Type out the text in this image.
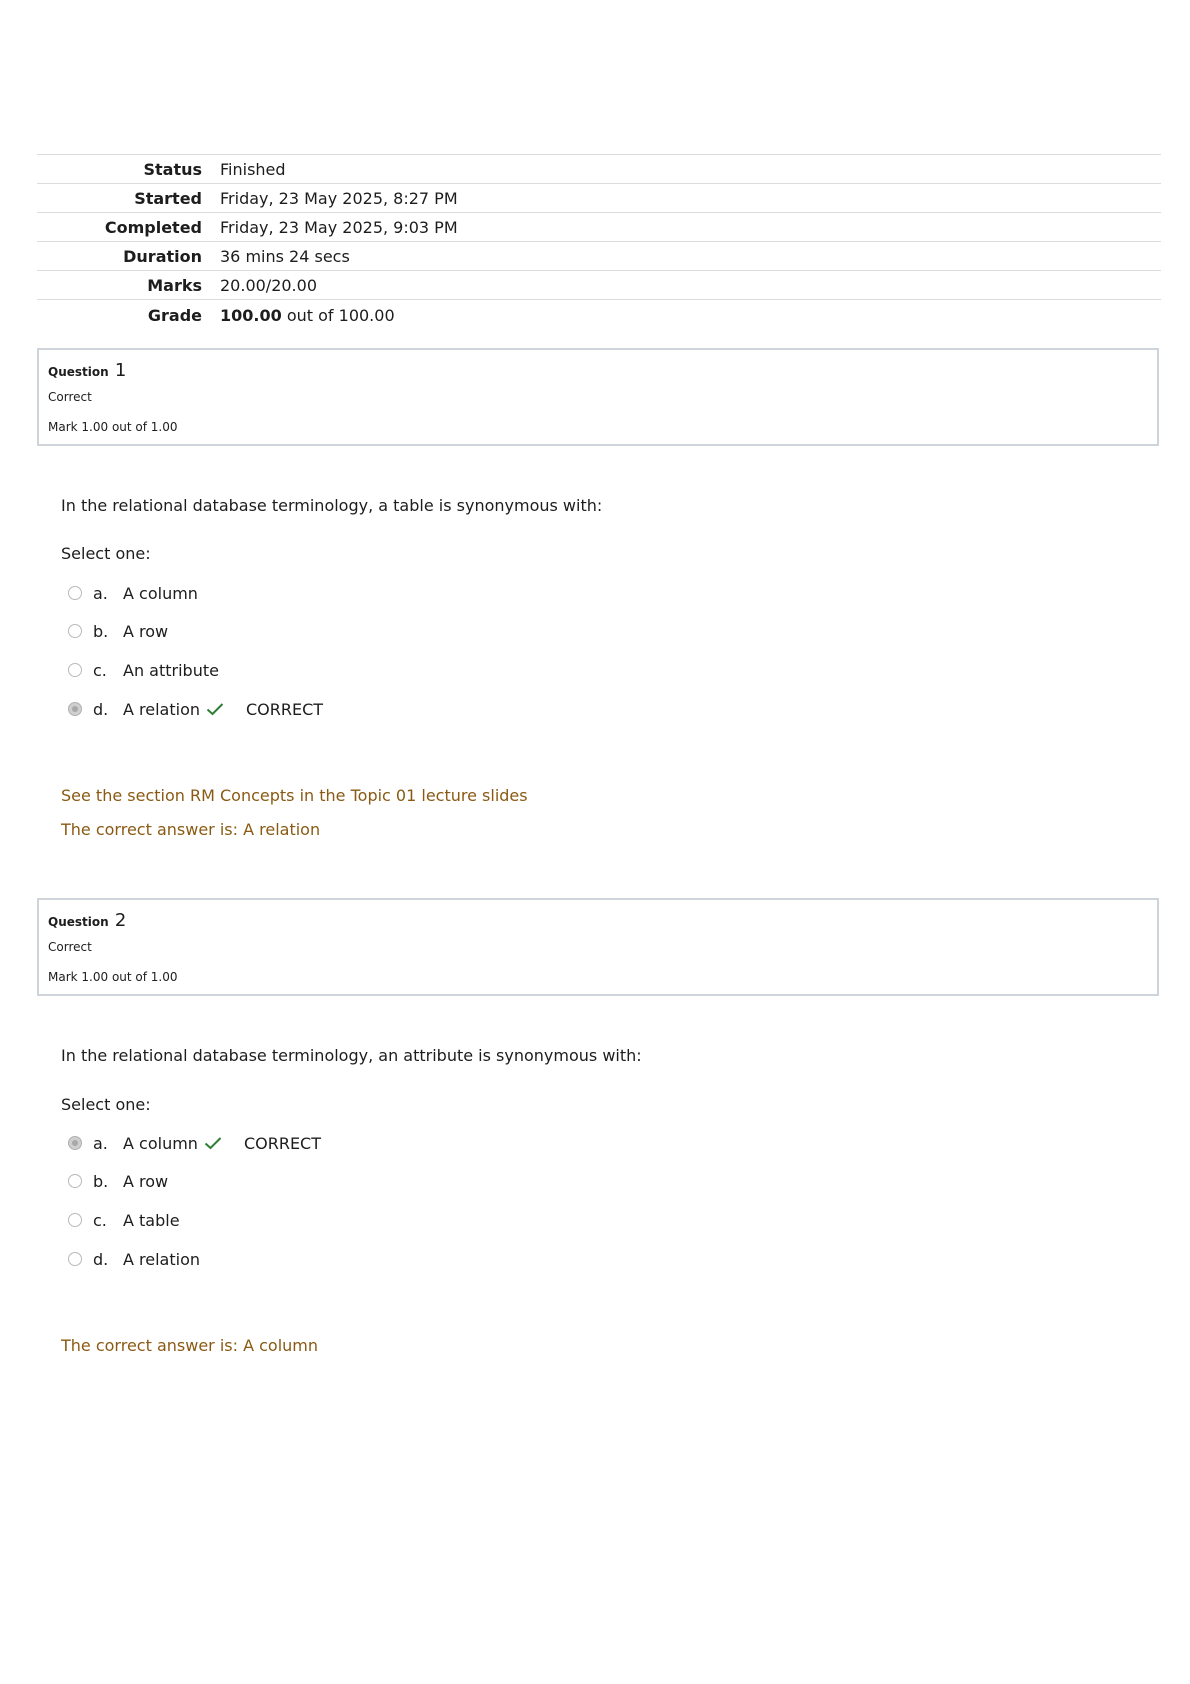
Status	Finished
Started	Friday, 23 May 2025, 8:27 PM
Completed	Friday, 23 May 2025, 9:03 PM
Duration	36 mins 24 secs
Marks	20.00/20.00
Grade	100.00 out of 100.00
Question 1
Correct
Mark 1.00 out of 1.00
In the relational database terminology, a table is synonymous with:
Select one:
a. A column
b. A row
c.	An attribute
d. A relation	CORRECT
See the section RM Concepts in the Topic 01 lecture slides
The correct answer is: A relation
Question 2
Correct
Mark 1.00 out of 1.00
In the relational database terminology, an attribute is synonymous with:
Select one:
a. A column	CORRECT
b. A row
c.	A table
d. A relation
The correct answer is: A column
